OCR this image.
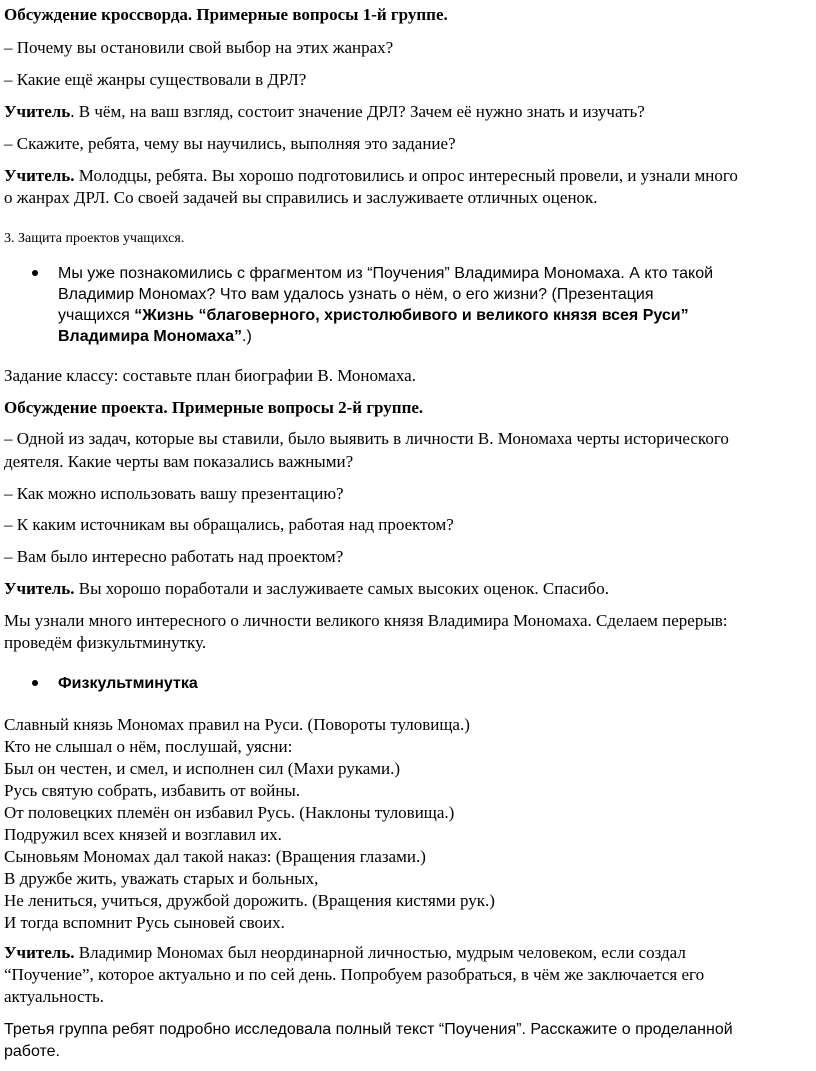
Обсуждение кроссворда. Примерные вопросы 1-й группе.
– Почему вы остановили свой выбор на этих жанрах?
– Какие ещё жанры существовали в ДРЛ?
Учитель. В чём, на ваш взгляд, состоит значение ДРЛ? Зачем её нужно знать и изучать?
– Скажите, ребята, чему вы научились, выполняя это задание?
Учитель. Молодцы, ребята. Вы хорошо подготовились и опрос интересный провели, и узнали много
о жанрах ДРЛ. Со своей задачей вы справились и заслуживаете отличных оценок.
3. Защита проектов учащихся.
Мы уже познакомились с фрагментом из “Поучения” Владимира Мономаха. А кто такой
Владимир Мономах? Что вам удалось узнать о нём, о его жизни? (Презентация
учащихся “Жизнь “благоверного, христолюбивого и великого князя всея Руси”
Владимира Мономаха”.)
Задание классу: составьте план биографии В. Мономаха.
Обсуждение проекта. Примерные вопросы 2-й группе.
– Одной из задач, которые вы ставили, было выявить в личности В. Мономаха черты исторического
деятеля. Какие черты вам показались важными?
– Как можно использовать вашу презентацию?
– К каким источникам вы обращались, работая над проектом?
– Вам было интересно работать над проектом?
Учитель. Вы хорошо поработали и заслуживаете самых высоких оценок. Спасибо.
Мы узнали много интересного о личности великого князя Владимира Мономаха. Сделаем перерыв:
проведём физкультминутку.
Физкультминутка
Славный князь Мономах правил на Руси. (Повороты туловища.)
Кто не слышал о нём, послушай, уясни:
Был он честен, и смел, и исполнен сил (Махи руками.)
Русь святую собрать, избавить от войны.
От половецких племён он избавил Русь. (Наклоны туловища.)
Подружил всех князей и возглавил их.
Сыновьям Мономах дал такой наказ: (Вращения глазами.)
В дружбе жить, уважать старых и больных,
Не лениться, учиться, дружбой дорожить. (Вращения кистями рук.)
И тогда вспомнит Русь сыновей своих.
Учитель. Владимир Мономах был неординарной личностью, мудрым человеком, если создал
“Поучение”, которое актуально и по сей день. Попробуем разобраться, в чём же заключается его
актуальность.
Третья группа ребят подробно исследовала полный текст “Поучения”. Расскажите о проделанной
работе.
